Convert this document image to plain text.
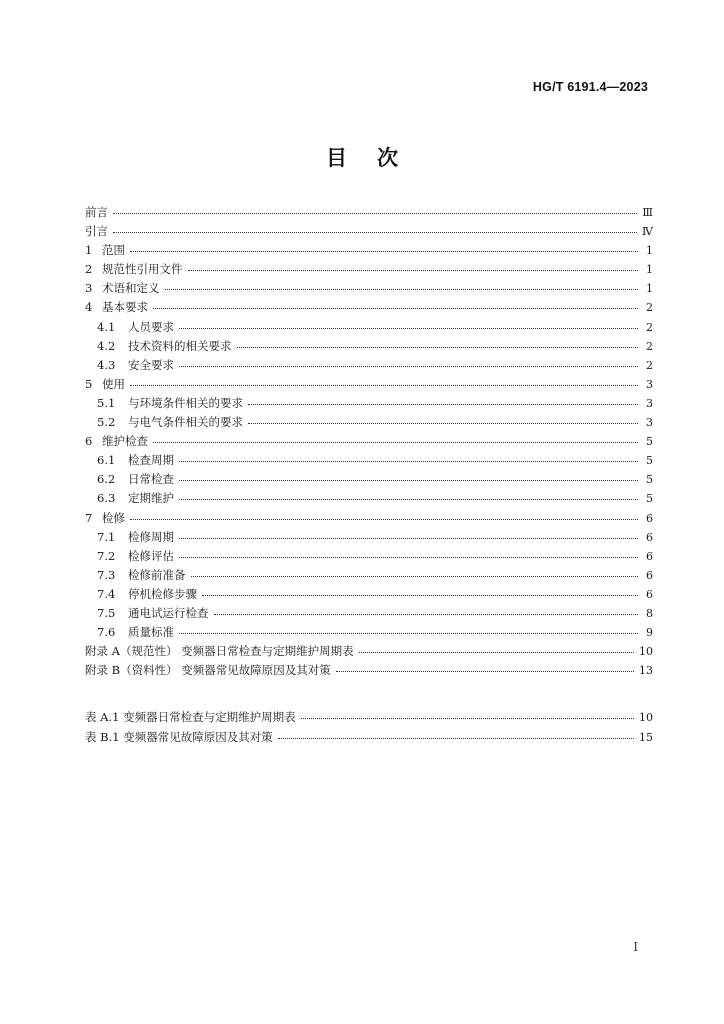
HG/T 6191.4—2023
目次
前言	Ⅲ
引言	Ⅳ
1 范围	1
2 规范性引用文件	1
3 术语和定义	1
4 基本要求	2
4.1 人员要求	2
4.2 技术资料的相关要求	2
4.3 安全要求	2
5 使用	3
5.1 与环境条件相关的要求	3
5.2 与电气条件相关的要求	3
6 维护检查	5
6.1 检查周期	5
6.2 日常检查	5
6.3 定期维护	5
7 检修	6
7.1 检修周期	6
7.2 检修评估	6
7.3 检修前准备	6
7.4 停机检修步骤	6
7.5 通电试运行检查	8
7.6 质量标准	9
附录 A（规范性） 变频器日常检查与定期维护周期表	10
附录 B（资料性） 变频器常见故障原因及其对策	13
表 A.1 变频器日常检查与定期维护周期表	10
表 B.1 变频器常见故障原因及其对策	15
I
